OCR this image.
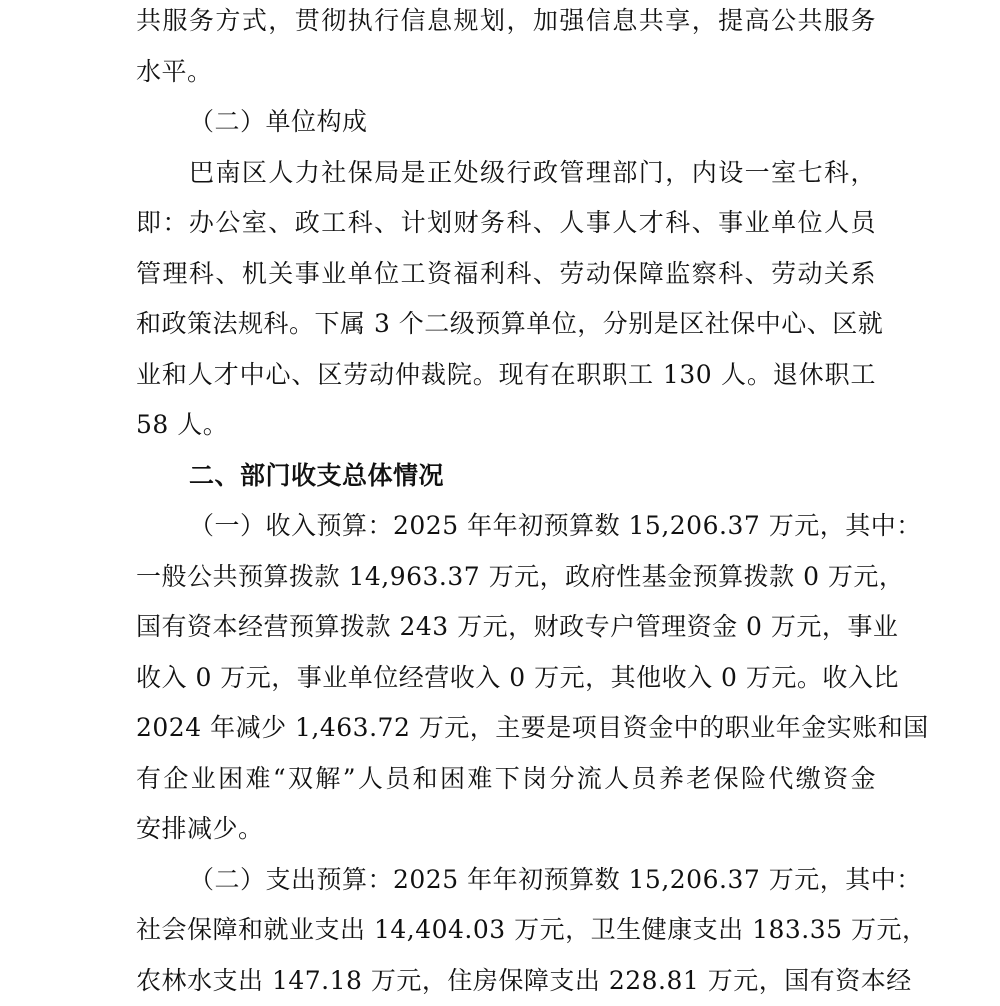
共服务方式，贯彻执行信息规划，加强信息共享，提高公共服务
水平。
（二）单位构成
巴南区人力社保局是正处级行政管理部门，内设一室七科，
即：办公室、政工科、计划财务科、人事人才科、事业单位人员
管理科、机关事业单位工资福利科、劳动保障监察科、劳动关系
和政策法规科。下属 3 个二级预算单位，分别是区社保中心、区就
业和人才中心、区劳动仲裁院。现有在职职工 130 人。退休职工
58 人。
二、部门收支总体情况
（一）收入预算：2025 年年初预算数 15,206.37 万元，其中：
一般公共预算拨款 14,963.37 万元，政府性基金预算拨款 0 万元，
国有资本经营预算拨款 243 万元，财政专户管理资金 0 万元，事业
收入 0 万元，事业单位经营收入 0 万元，其他收入 0 万元。收入比
2024 年减少 1,463.72 万元，主要是项目资金中的职业年金实账和国
有企业困难“双解”人员和困难下岗分流人员养老保险代缴资金
安排减少。
（二）支出预算：2025 年年初预算数 15,206.37 万元，其中：
社会保障和就业支出 14,404.03 万元，卫生健康支出 183.35 万元，
农林水支出 147.18 万元，住房保障支出 228.81 万元，国有资本经
